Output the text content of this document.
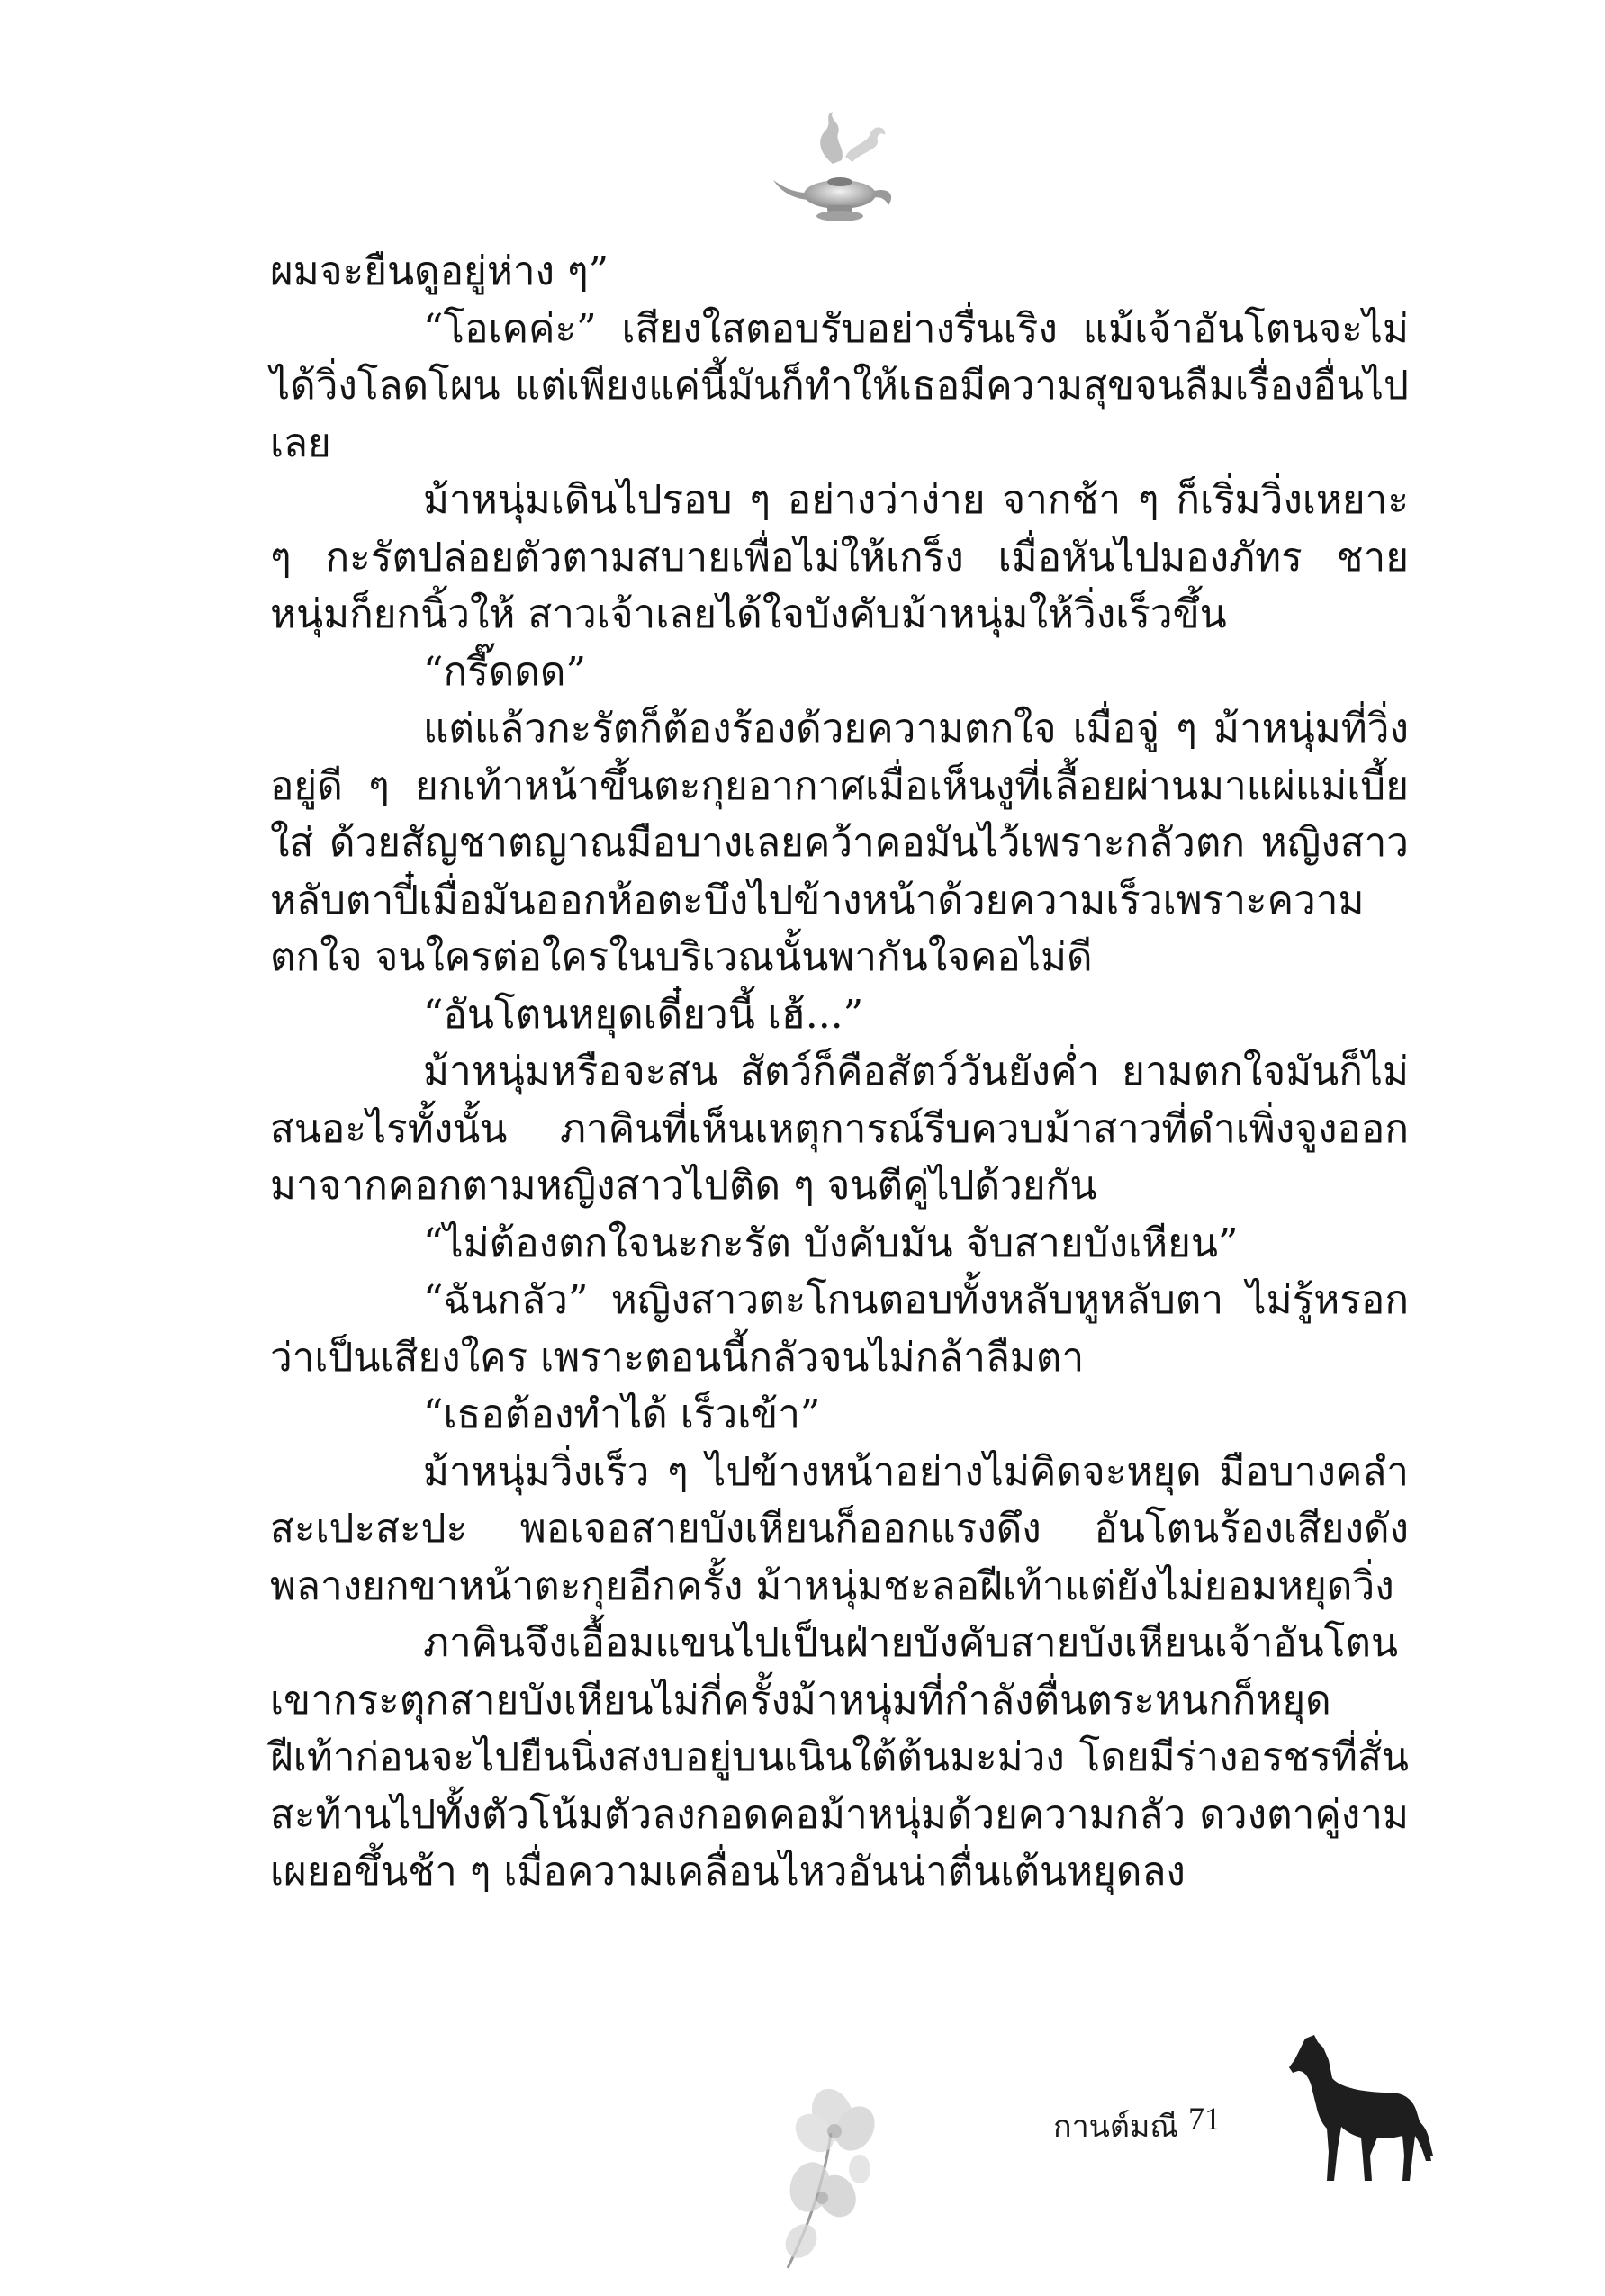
ผมจะยืนดูอยู่ห่าง ๆ”

“โอเคค่ะ” เสียงใสตอบรับอย่างรื่นเริง แม้เจ้าอันโตนจะไม่ได้วิ่งโลดโผน แต่เพียงแค่นี้มันก็ทำให้เธอมีความสุขจนลืมเรื่องอื่นไปเลย

ม้าหนุ่มเดินไปรอบ ๆ อย่างว่าง่าย จากช้า ๆ ก็เริ่มวิ่งเหยาะ ๆ กะรัตปล่อยตัวตามสบายเพื่อไม่ให้เกร็ง เมื่อหันไปมองภัทร ชายหนุ่มก็ยกนิ้วให้ สาวเจ้าเลยได้ใจบังคับม้าหนุ่มให้วิ่งเร็วขึ้น

“กรี๊ดดด”

แต่แล้วกะรัตก็ต้องร้องด้วยความตกใจ เมื่อจู่ ๆ ม้าหนุ่มที่วิ่งอยู่ดี ๆ ยกเท้าหน้าขึ้นตะกุยอากาศเมื่อเห็นงูที่เลื้อยผ่านมาแผ่แม่เบี้ยใส่ ด้วยสัญชาตญาณมือบางเลยคว้าคอมันไว้เพราะกลัวตก หญิงสาวหลับตาปี๋เมื่อมันออกห้อตะบึงไปข้างหน้าด้วยความเร็วเพราะความตกใจ จนใครต่อใครในบริเวณนั้นพากันใจคอไม่ดี

“อันโตนหยุดเดี๋ยวนี้ เฮ้...”

ม้าหนุ่มหรือจะสน สัตว์ก็คือสัตว์วันยังค่ำ ยามตกใจมันก็ไม่สนอะไรทั้งนั้น ภาคินที่เห็นเหตุการณ์รีบควบม้าสาวที่ดำเพิ่งจูงออกมาจากคอกตามหญิงสาวไปติด ๆ จนตีคู่ไปด้วยกัน

“ไม่ต้องตกใจนะกะรัต บังคับมัน จับสายบังเหียน”

“ฉันกลัว” หญิงสาวตะโกนตอบทั้งหลับหูหลับตา ไม่รู้หรอกว่าเป็นเสียงใคร เพราะตอนนี้กลัวจนไม่กล้าลืมตา

“เธอต้องทำได้ เร็วเข้า”

ม้าหนุ่มวิ่งเร็ว ๆ ไปข้างหน้าอย่างไม่คิดจะหยุด มือบางคลำสะเปะสะปะ พอเจอสายบังเหียนก็ออกแรงดึง อันโตนร้องเสียงดังพลางยกขาหน้าตะกุยอีกครั้ง ม้าหนุ่มชะลอฝีเท้าแต่ยังไม่ยอมหยุดวิ่ง

ภาคินจึงเอื้อมแขนไปเป็นฝ่ายบังคับสายบังเหียนเจ้าอันโตนเขากระตุกสายบังเหียนไม่กี่ครั้งม้าหนุ่มที่กำลังตื่นตระหนกก็หยุดฝีเท้าก่อนจะไปยืนนิ่งสงบอยู่บนเนินใต้ต้นมะม่วง โดยมีร่างอรชรที่สั่นสะท้านไปทั้งตัวโน้มตัวลงกอดคอม้าหนุ่มด้วยความกลัว ดวงตาคู่งามเผยอขึ้นช้า ๆ เมื่อความเคลื่อนไหวอันน่าตื่นเต้นหยุดลง

กานต์มณี 71
